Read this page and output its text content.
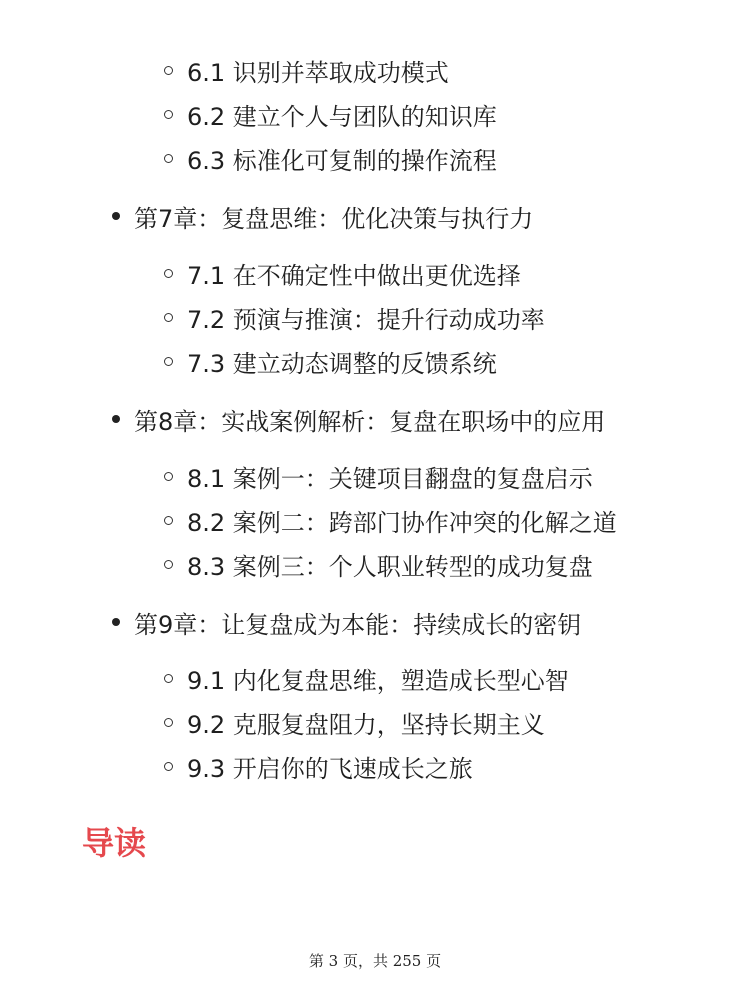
6.1 识别并萃取成功模式
6.2 建立个人与团队的知识库
6.3 标准化可复制的操作流程
第7章：复盘思维：优化决策与执行力
7.1 在不确定性中做出更优选择
7.2 预演与推演：提升行动成功率
7.3 建立动态调整的反馈系统
第8章：实战案例解析：复盘在职场中的应用
8.1 案例一：关键项目翻盘的复盘启示
8.2 案例二：跨部门协作冲突的化解之道
8.3 案例三：个人职业转型的成功复盘
第9章：让复盘成为本能：持续成长的密钥
9.1 内化复盘思维，塑造成长型心智
9.2 克服复盘阻力，坚持长期主义
9.3 开启你的飞速成长之旅
导读
第 3 页，共 255 页
